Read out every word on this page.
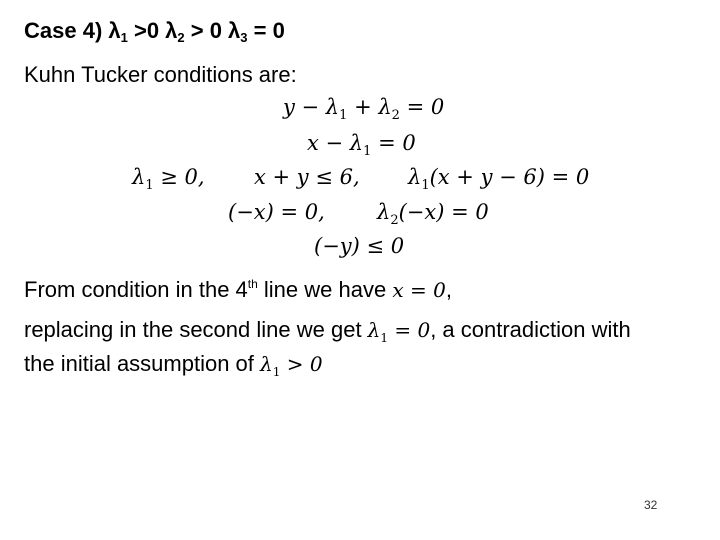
Case 4) $\lambda_1 >0$ $\lambda_2 > 0$ $\lambda_3 = 0$
Kuhn Tucker conditions are:
$y - \lambda_1 + \lambda_2 = 0$
$x - \lambda_1 = 0$
$\lambda_1 \ge 0$, x + y ≤ 6, $\lambda_1(x + y - 6) = 0$
(−x) = 0, $\lambda_2(-x) = 0$
(−y) ≤ 0
From condition in the 4th line we have x = 0,
replacing in the second line we get $\lambda_1 = 0$, a contradiction with
the initial assumption of $\lambda_1 > 0$
32
